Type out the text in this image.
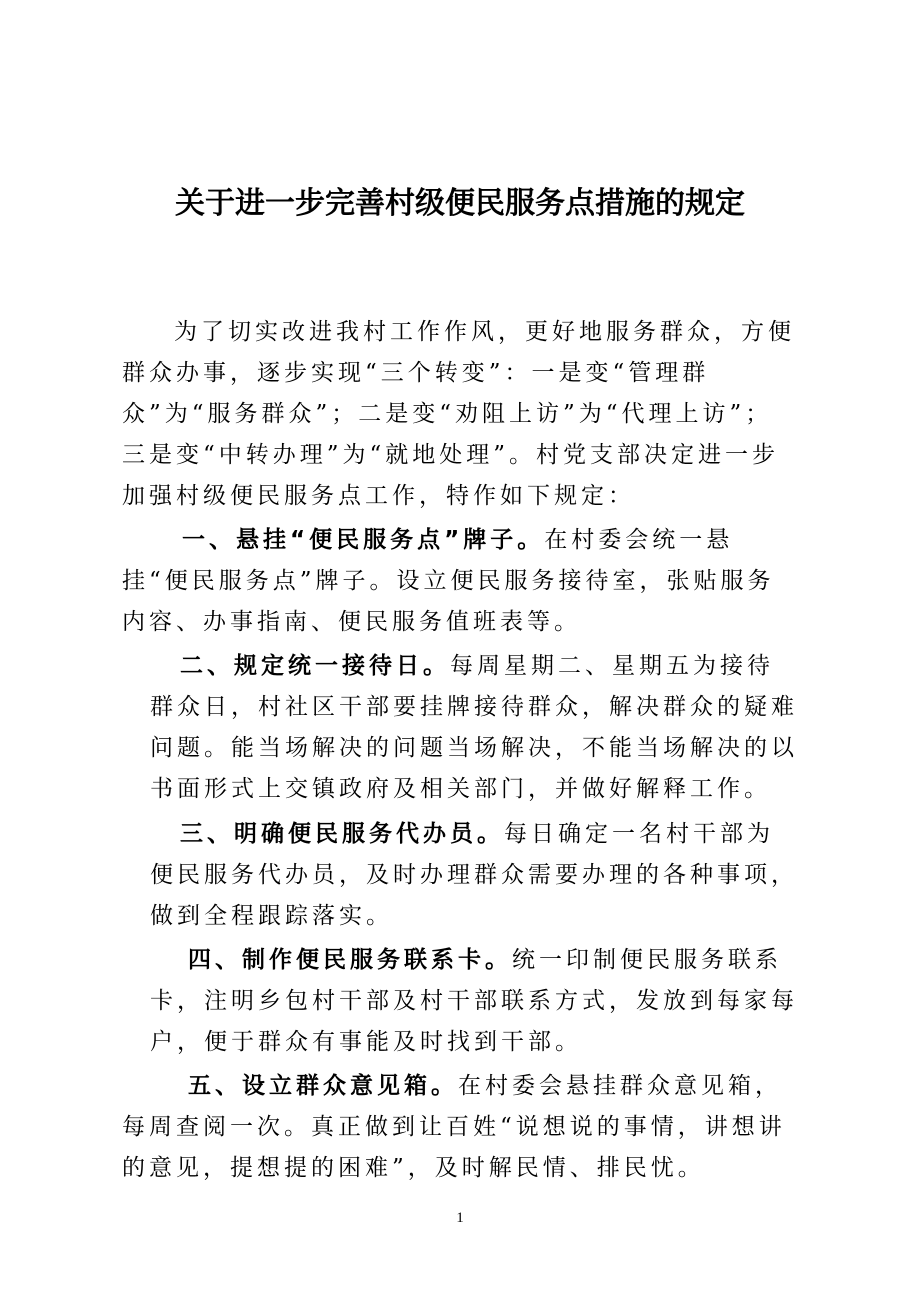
关于进一步完善村级便民服务点措施的规定

为了切实改进我村工作作风，更好地服务群众，方便群众办事，逐步实现“三个转变”：一是变“管理群众”为“服务群众”；二是变“劝阻上访”为“代理上访”；三是变“中转办理”为“就地处理”。村党支部决定进一步加强村级便民服务点工作，特作如下规定：

一、悬挂“便民服务点”牌子。在村委会统一悬挂“便民服务点”牌子。设立便民服务接待室，张贴服务内容、办事指南、便民服务值班表等。

二、规定统一接待日。每周星期二、星期五为接待群众日，村社区干部要挂牌接待群众，解决群众的疑难问题。能当场解决的问题当场解决，不能当场解决的以书面形式上交镇政府及相关部门，并做好解释工作。

三、明确便民服务代办员。每日确定一名村干部为便民服务代办员，及时办理群众需要办理的各种事项，做到全程跟踪落实。

四、制作便民服务联系卡。统一印制便民服务联系卡，注明乡包村干部及村干部联系方式，发放到每家每户，便于群众有事能及时找到干部。

五、设立群众意见箱。在村委会悬挂群众意见箱，每周查阅一次。真正做到让百姓“说想说的事情，讲想讲的意见，提想提的困难”，及时解民情、排民忧。

1
